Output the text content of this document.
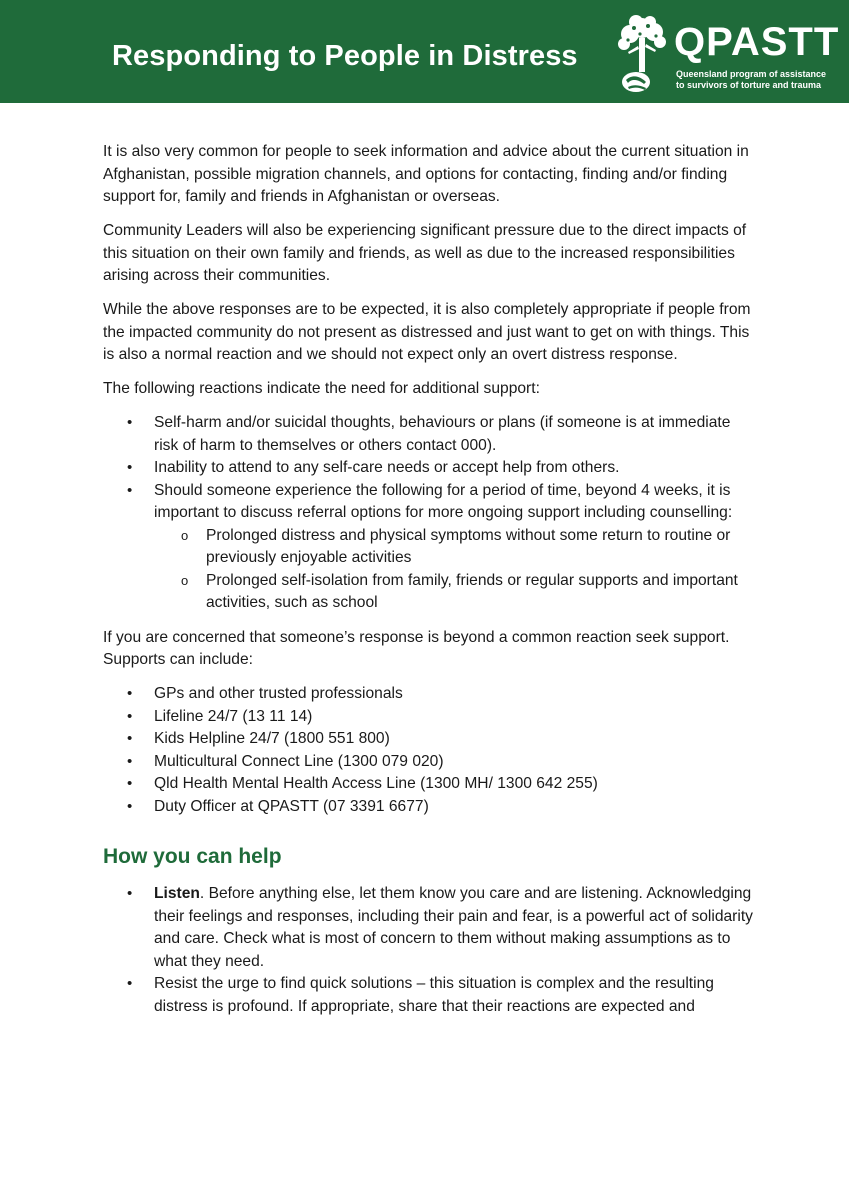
Responding to People in Distress QPASTT
Queensland program of assistance
to survivors of torture and trauma

It is also very common for people to seek information and advice about the current situation in Afghanistan, possible migration channels, and options for contacting, finding and/or finding support for, family and friends in Afghanistan or overseas.

Community Leaders will also be experiencing significant pressure due to the direct impacts of this situation on their own family and friends, as well as due to the increased responsibilities arising across their communities.

While the above responses are to be expected, it is also completely appropriate if people from the impacted community do not present as distressed and just want to get on with things. This is also a normal reaction and we should not expect only an overt distress response.

The following reactions indicate the need for additional support:

• Self-harm and/or suicidal thoughts, behaviours or plans (if someone is at immediate risk of harm to themselves or others contact 000).
• Inability to attend to any self-care needs or accept help from others.
• Should someone experience the following for a period of time, beyond 4 weeks, it is important to discuss referral options for more ongoing support including counselling:
o Prolonged distress and physical symptoms without some return to routine or previously enjoyable activities
o Prolonged self-isolation from family, friends or regular supports and important activities, such as school

If you are concerned that someone’s response is beyond a common reaction seek support. Supports can include:

• GPs and other trusted professionals
• Lifeline 24/7 (13 11 14)
• Kids Helpline 24/7 (1800 551 800)
• Multicultural Connect Line (1300 079 020)
• Qld Health Mental Health Access Line (1300 MH/ 1300 642 255)
• Duty Officer at QPASTT (07 3391 6677)
How you can help
• Listen. Before anything else, let them know you care and are listening. Acknowledging their feelings and responses, including their pain and fear, is a powerful act of solidarity and care. Check what is most of concern to them without making assumptions as to what they need.
• Resist the urge to find quick solutions – this situation is complex and the resulting distress is profound. If appropriate, share that their reactions are expected and
